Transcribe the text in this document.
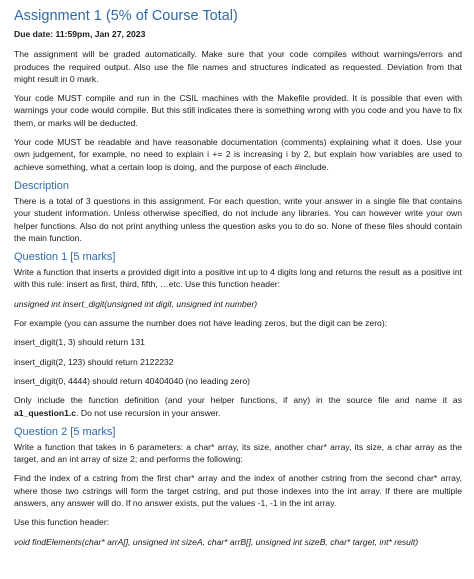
Assignment 1 (5% of Course Total)
Due date: 11:59pm, Jan 27, 2023

The assignment will be graded automatically. Make sure that your code compiles without warnings/errors and produces the required output. Also use the file names and structures indicated as requested. Deviation from that might result in 0 mark.

Your code MUST compile and run in the CSIL machines with the Makefile provided. It is possible that even with warnings your code would compile. But this still indicates there is something wrong with you code and you have to fix them, or marks will be deducted.

Your code MUST be readable and have reasonable documentation (comments) explaining what it does. Use your own judgement, for example, no need to explain i += 2 is increasing i by 2, but explain how variables are used to achieve something, what a certain loop is doing, and the purpose of each #include.

Description

There is a total of 3 questions in this assignment. For each question, write your answer in a single file that contains your student information. Unless otherwise specified, do not include any libraries. You can however write your own helper functions. Also do not print anything unless the question asks you to do so. None of these files should contain the main function.

Question 1 [5 marks]

Write a function that inserts a provided digit into a positive int up to 4 digits long and returns the result as a positive int with this rule: insert as first, third, fifth, …etc. Use this function header:

unsigned int insert_digit(unsigned int digit, unsigned int number)

For example (you can assume the number does not have leading zeros, but the digit can be zero):

insert_digit(1, 3) should return 131

insert_digit(2, 123) should return 2122232

insert_digit(0, 4444) should return 40404040 (no leading zero)

Only include the function definition (and your helper functions, if any) in the source file and name it as a1_question1.c. Do not use recursion in your answer.

Question 2 [5 marks]

Write a function that takes in 6 parameters: a char* array, its size, another char* array, its size, a char array as the target, and an int array of size 2; and performs the following:

Find the index of a cstring from the first char* array and the index of another cstring from the second char* array, where those two cstrings will form the target cstring, and put those indexes into the int array. If there are multiple answers, any answer will do. If no answer exists, put the values -1, -1 in the int array.

Use this function header:

void findElements(char* arrA[], unsigned int sizeA, char* arrB[], unsigned int sizeB, char* target, int* result)
